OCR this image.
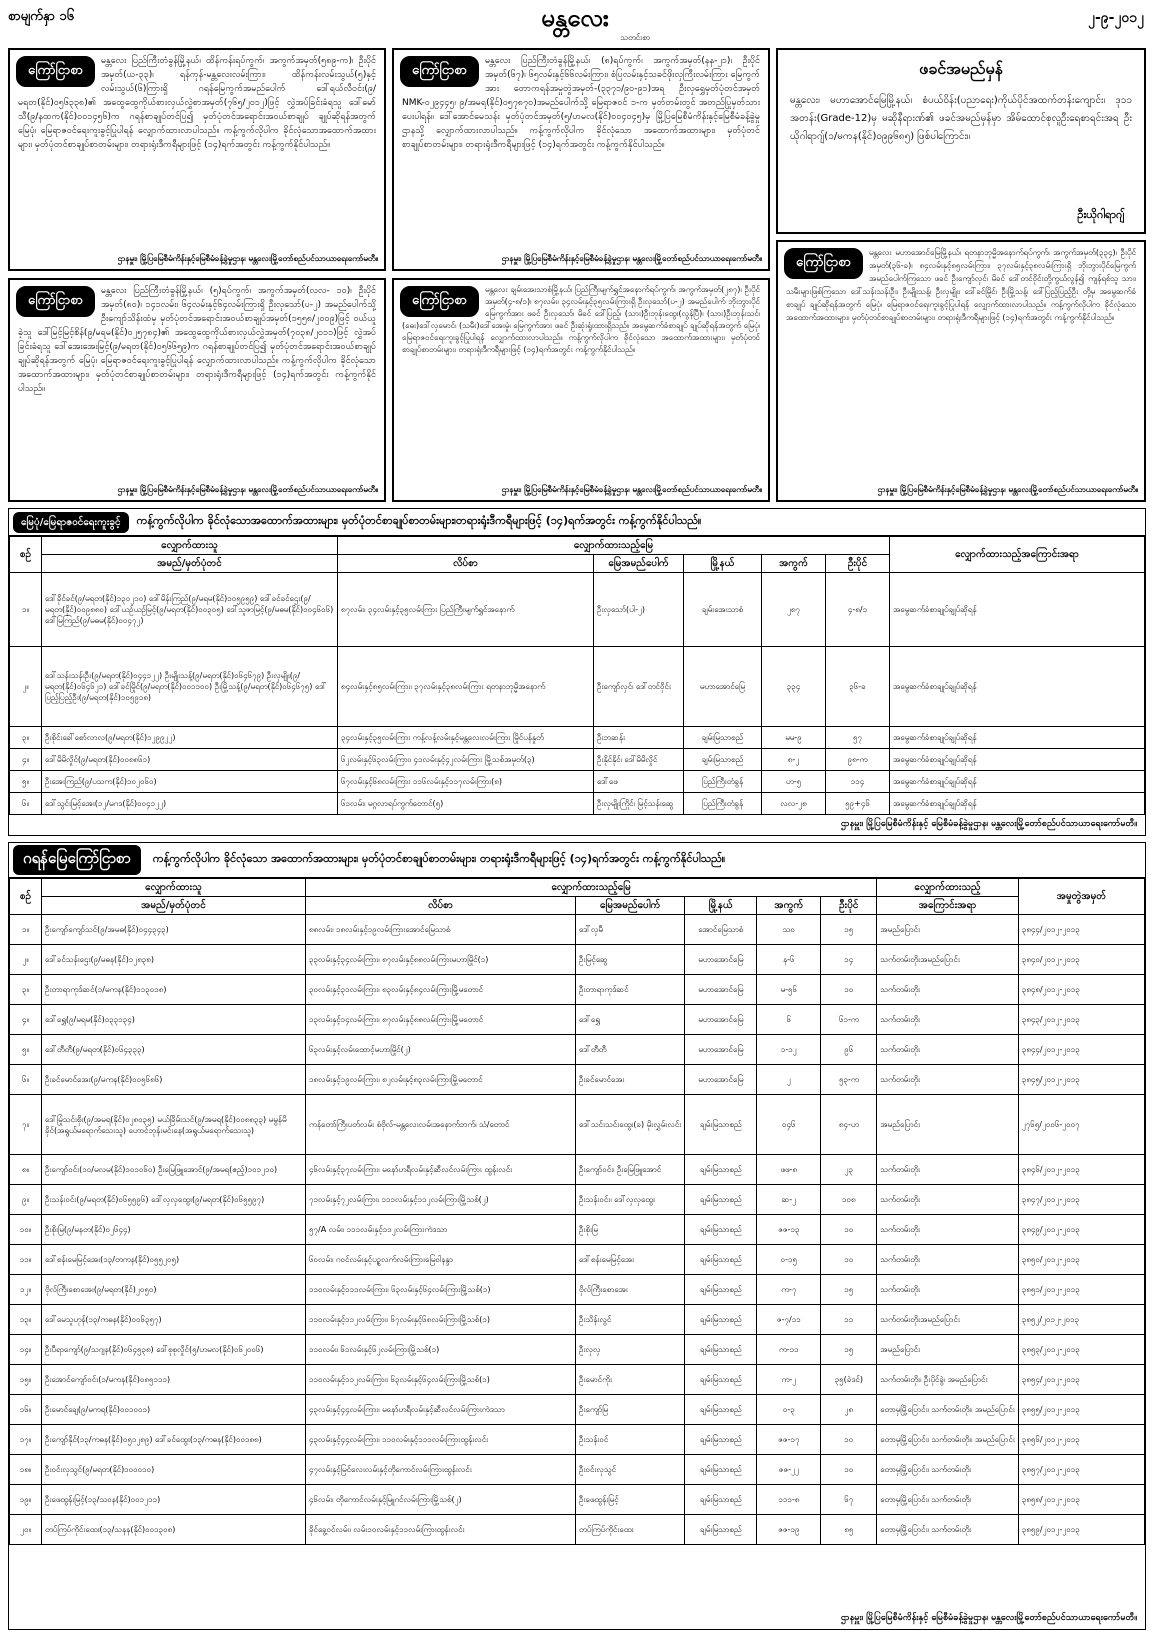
စာမျက်နှာ ၁၆	မန္တလေး
သတင်းစာ
၂-၉-၂၀၁၂
ကြော်ငြာစာ
မန္တလေး ပြည်ကြီးတံခွန်မြို့နယ်၊ ထိန်ကန်းရပ်ကွက်၊ အကွက်အမှတ်(၅၈၉-က)၊ ဦးပိုင်အမှတ်(ယ-၃၃)၊ ရန်ကုန်-မန္တလေးလမ်းကြား၊ ထိန်ကန်းလမ်းသွယ်(၅)နှင့်လမ်းသွယ်(၆)ကြားရှိ ဂရန်မြေကွက်အမည်ပေါက် ဒေါ်ရယ်လီဝင်း(၉/မရတ(နိုင်)၀၅၆၃၃၈)၏ အထွေထွေကိုယ်စားလှယ်လွှဲစာအမှတ်(၇၆၅/၂၀၁၂)ဖြင့် လွှဲအပ်ခြင်းခံရသူ ဒေါ်မော်သီ(၉/နထက(နိုင်)၀၀၁၄၅၆)က ဂရန်စာချုပ်တင်ပြ၍ မှတ်ပုံတင်အရောင်းအဝယ်စာချုပ် ချုပ်ဆိုရန်အတွက် မြေပုံ၊ မြေရာဇဝင်ရေးကူးခွင့်ပြုပါရန် လျှောက်ထားလာပါသည်။ ကန့်ကွက်လိုပါက ခိုင်လုံသောအထောက်အထားများ၊ မှတ်ပုံတင်စာချုပ်စာတမ်းများ၊ တရားရုံးဒီကရီများဖြင့် (၁၄)ရက်အတွင်း ကန့်ကွက်နိုင်ပါသည်။
ဌာနမှူး၊ မြို့ပြမြေစီမံကိန်းနှင့်မြေစီမံခန့်ခွဲမှုဌာန၊ မန္တလေးမြို့တော်စည်ပင်သာယာရေးကော်မတီ။
ကြော်ငြာစာ
မန္တလေး ပြည်ကြီးတံခွန်မြို့နယ်၊ (၈)ရပ်ကွက်၊ အကွက်အမှတ်(နန-၂၁)၊ ဦးပိုင်အမှတ်(၆၇)၊ ၆၅လမ်းနှင့်၆၆လမ်းကြား၊ စံပြလမ်းနှင့်သခင်ဖိုးလှကြီးလမ်းကြား မြေကွက်အား တောကရန်အမှုတွဲအမှတ်-(၃၃၇၁/၉၀-၉၁)အရ ဦးလှရွှေမှတ်ပုံတင်အမှတ် NMK-၀၂၉၄၄၅၊ ၉/အမရ(နိုင်)၀၅၇၈၇၀)အမည်ပေါက်သို့ မြေရာဇဝင် ၁-က မှတ်တမ်းတွင် အတည်ပြုမှတ်သားပေးပါရန်။ ဒေါ်အောင်မေသန်း မှတ်ပုံတင်အမှတ်(၅/ဟမလ(နိုင်)၀၀၄၀၄၅)မှ မြို့ပြမြေစီမံကိန်းနှင့်မြေစီမံခန့်ခွဲမှုဌာနသို့ လျှောက်ထားလာပါသည်။ ကန့်ကွက်လိုပါက ခိုင်လုံသော အထောက်အထားများ၊ မှတ်ပုံတင်စာချုပ်စာတမ်းများ၊ တရားရုံးဒီကရီများဖြင့် (၁၄)ရက်အတွင်း ကန့်ကွက်နိုင်ပါသည်။
ဌာနမှူး၊ မြို့ပြမြေစီမံကိန်းနှင့်မြေစီမံခန့်ခွဲမှုဌာန၊ မန္တလေးမြို့တော်စည်ပင်သာယာရေးကော်မတီ။
ဖခင်အမည်မှန်
မန္တလေး၊ မဟာအောင်မြေမြို့နယ်၊ စံပယ်ဝိန်း(ပညာရေး)ကိုယ်ပိုင်အထက်တန်းကျောင်း၊ ဒု၁၁ အတန်း(Grade-12)မှ မဆိုနီရားဏ်၏ ဖခင်အမည်မှန်မှာ အိမ်ထောင်စုလူဦးရေစာရင်းအရ ဦးယိုဂါရာဂျ်(၁/မကန(နိုင်)၀၉၉၆၈၅) ဖြစ်ပါကြောင်း။
ဦးယိုဂါရာဂျ်
ကြော်ငြာစာ
မန္တလေး ပြည်ကြီးတံခွန်မြို့နယ်၊ (၅)ရပ်ကွက်၊ အကွက်အမှတ်(လလ- ၁၀)၊ ဦးပိုင်အမှတ်(၈၀)၊ ၁၄၁လမ်း၊ ၆၄လမ်းနှင့်၆၄လမ်းကြားရှိ ဦးလှသော်(ပ-၂) အမည်ပေါက်သို့ ဦးကျော်သိန်းထံမှ မှတ်ပုံတင်အရောင်းအဝယ်စာချုပ်အမှတ်(၁၅၅၈/၂၀၀၉)ဖြင့် ဝယ်ယူခဲ့သူ ဒေါ်မြင့်မြင့်စိန်(၉/မရမ(နိုင်)၀၂၅၇၈၄)၏ အထွေထွေကိုယ်စားလှယ်လွှဲအမှတ်(၇၀၃၈/၂၀၁၁)ဖြင့် လွှဲအပ်ခြင်းခံရသူ ဒေါ်အေးအေးမြင့်(၉/မရတ(နိုင်)၀၅၆၆၅၉)က ဂရန်စာချုပ်တင်ပြ၍ မှတ်ပုံတင်အရောင်းအဝယ်စာချုပ် ချုပ်ဆိုရန်အတွက် မြေပုံ၊ မြေရာဇဝင်ရေးကူးခွင့်ပြုပါရန် လျှောက်ထားလာပါသည်။ ကန့်ကွက်လိုပါက ခိုင်လုံသော အထောက်အထားများ၊ မှတ်ပုံတင်စာချုပ်စာတမ်းများ၊ တရားရုံးဒီကရီများဖြင့် (၁၄)ရက်အတွင်း ကန့်ကွက်နိုင်ပါသည်။
ဌာနမှူး၊ မြို့ပြမြေစီမံကိန်းနှင့်မြေစီမံခန့်ခွဲမှုဌာန၊ မန္တလေးမြို့တော်စည်ပင်သာယာရေးကော်မတီ။
ကြော်ငြာစာ
မန္တလေး ချမ်းအေးသာစံမြို့နယ်၊ ပြည်ကြီးမျက်ရွှင်အနောက်ရပ်ကွက်၊ အကွက်အမှတ်(၂၈၇)၊ ဦးပိုင်အမှတ်(၄-၈/၁)၊ ၈၇လမ်း၊ ၃၄လမ်းနှင့်၃၅လမ်းကြားရှိ ဦးလှသော်(ပ-၂) အမည်ပေါက် ဘိုးဘွားပိုင်မြေကွက်အား ဖခင် ဦးလှသော်၊ မိခင် ဒေါ်ပြည့်၊ (သား)ဦးဘုန်းထွေး(လွန်ပြီ)၊ (သား)ဦးဘုန်းသင်၊ (ဓေး)ဒေါ်လှမောင်၊ (သမီး)ဒေါ်အေးမှုံ၊ မြေကွက်အား ဖခင် ဦးဆုံးရှုံးထားရှိသည်။ အမွေဆက်ခံစာချုပ် ချုပ်ဆိုရန်အတွက် မြေပုံ၊ မြေရာဇဝင်ရေးကူးခွင့်ပြုပါရန် လျှောက်ထားလာပါသည်။ ကန့်ကွက်လိုပါက ခိုင်လုံသော အထောက်အထားများ၊ မှတ်ပုံတင်စာချုပ်စာတမ်းများ၊ တရားရုံးဒီကရီများဖြင့် (၁၄)ရက်အတွင်း ကန့်ကွက်နိုင်ပါသည်။
ဌာနမှူး၊ မြို့ပြမြေစီမံကိန်းနှင့်မြေစီမံခန့်ခွဲမှုဌာန၊ မန္တလေးမြို့တော်စည်ပင်သာယာရေးကော်မတီ။
ကြော်ငြာစာ
မန္တလေး မဟာအောင်မြေမြို့နယ်၊ ရတနာဘုမ္မိအနောက်ရပ်ကွက်၊ အကွက်အမှတ်(၃၃၄)၊ ဦးပိုင်အမှတ်(၃၆-ခ)၊ ၈၄လမ်းနှင့်၈၅လမ်းကြား၊ ၃၇လမ်းနှင့်၃၈လမ်းကြားရှိ ဘိုးဘွားပိုင်မြေကွက်အမည်ပေါက်ကြသော ဖခင် ဦးကျော်လှင်၊ မိခင် ဒေါ်တင်ဝိုင်းတို့ကွယ်လွန်၍ ကျန်ရစ်သူ သား၊ သမီးများဖြစ်ကြသော ဒေါ်သန်းသန်းဦး၊ ဦးမျိုးသန့်၊ ဦးလှမျိုး၊ ဒေါ်ခင်မြိုင်၊ ဦးမြို့သန့်၊ ဒေါ်ပြည့်ပြည့်ဦး တို့မှ အမွေဆက်ခံစာချုပ် ချုပ်ဆိုရန်အတွက် မြေပုံ၊ မြေရာဇဝင်ရေးကူးခွင့်ပြုပါရန် လျှောက်ထားလာပါသည်။ ကန့်ကွက်လိုပါက ခိုင်လုံသော အထောက်အထားများ၊ မှတ်ပုံတင်စာချုပ်စာတမ်းများ၊ တရားရုံးဒီကရီများဖြင့် (၁၄)ရက်အတွင်း ကန့်ကွက်နိုင်ပါသည်။
ဌာနမှူး၊ မြို့ပြမြေစီမံကိန်းနှင့်မြေစီမံခန့်ခွဲမှုဌာန၊ မန္တလေးမြို့တော်စည်ပင်သာယာရေးကော်မတီ။
မြေပုံ/မြေရာဇဝင်ရေးကူးခွင့်	ကန့်ကွက်လိုပါက ခိုင်လုံသောအထောက်အထားများ၊ မှတ်ပုံတင်စာချုပ်စာတမ်းများ၊တရားရုံးဒီကရီများဖြင့် (၁၄)ရက်အတွင်း ကန့်ကွက်နိုင်ပါသည်။
စဉ်	လျှောက်ထားသူ	လျှောက်ထားသည့်မြေ					လျှောက်ထားသည့်အကြောင်းအရာ
	အမည်/မှတ်ပုံတင်	လိပ်စာ	မြေအမည်ပေါက်	မြို့နယ်	အကွက်	ဦးပိုင်	
၁။	ဒေါ်ခိုင်ခင်(၉/မရတ(နိုင်)၁၃၀၂၁၀) ဒေါ်မိန်းကြည်(၉/မရမ(နိုင်)၁၀၅၉၅၉) ဒေါ်ခင်ခင်ဌေး(၉/မရတ(နိုင်)၀၀၉၈၈၀) ဒေါ်ယဉ်ယဉ်မြင့်(၉/မရတ(နိုင်)၀၀၃၀၅) ဒေါ်သူဇာမြင့်(၉/မဓမ(နိုင်)၀၀၄၆၀၆) ဒေါ်မြကြည်(၉/မဓမ(နိုင်)၀၀၄၇၂)	၈၇လမ်း၊ ၃၄လမ်းနှင့်၃၅လမ်းကြား ပြည်ကြီးမျက်ရွှင်အနောက်	ဦးလှသော်(ပါ-၂)	ချမ်းအေးသာစံ	၂၈၇	၄-၈/၁	အမွေဆက်ခံစာချုပ်ချုပ်ဆိုရန်
၂။	ဒေါ်သန်းသန်းဦး(၉/မရတ(နိုင်)၀၄၄၁၂၂) ဦးမျိုးသန့်(၉/မရတ(နိုင်)၀၆၄၆၇၉) ဦးလှမျိုး(၉/မရတ(နိုင်)၀၆၄၆၂၁) ဒေါ်ခင်မြိုင်(၉/မရတ(နိုင်)၀၀၁၁၀၀) ဦးမြို့သန့်(၉/မရတ(နိုင်)၀၆၄၆၇၅) ဒေါ်ပြည့်ပြည့်ဦး(၉/မရတ(နိုင်)၁၀၅၉၁၈)	၈၄လမ်းနှင့်၈၅လမ်းကြား၊ ၃၇လမ်းနှင့်၃၈လမ်းကြား ရတနာဘုမ္မိအနောက်	ဦးကျော်လှင်၊ ဒေါ်တင်ဝိုင်း	မဟာအောင်မြေ	၃၃၄	၃၆-ခ	အမွေဆက်ခံစာချုပ်ချုပ်ဆိုရန်
၃။	ဦးစိုင်းခေါ်စော်လာလ(၉/မရတ(နိုင်)၁၂၉၉၂၂)	၃၄လမ်းနှင့်၃၅လမ်းကြား ကန့်လန့်လမ်းနှင့်မန္တလေးလမ်းကြား မြိုင်ပန်နှုတ်	ဦးဘဆန်း	ချမ်းမြသာစည်	မမ-၉	၅၇	အမွေဆက်ခံစာချုပ်ချုပ်ဆိုရန်
၄။	ဒေါ်မိမိလှိုင်(၉/မရတ(နိုင်)၀၀၈၈၆၁)	၆၂လမ်းနှင့်၆၃လမ်းကြား၊ ၄၁လမ်းနှင့်၄၂လမ်းကြား မြို့သစ်အမှတ်(၃)	ဦးနိုင်နိုင်၊ ဒေါ်မိမိလှိုင်	ချမ်းမြသာစည်	၈-၂	၉၈-က	အမွေဆက်ခံစာချုပ်ချုပ်ဆိုရန်
၅။	ဦးအေးကြည်(၉/ပသက(နိုင်)၁၀၂၀၆၀)	၆၇လမ်းနှင့်၆၈လမ်းကြား ၁၁၆လမ်းနှင့်၁၁၇လမ်းကြား(၈)	ဒေါ်ဖေ	ပြည်ကြီးတံခွန်	ဟ-၅	၁၁၄	အမွေဆက်ခံစာချုပ်ချုပ်ဆိုရန်
၆။	ဒေါ်သွင်းမြင့်အေး(၁၂/မဂဒ(နိုင်)၀၀၄၁၂၂)	၆၁လမ်း၊ မဂ္ဂလာရပ်ကွက်တောင်(၅)	ဦးလှမျိုးကြိုင်၊ မြင့်သန်းဆွေ	ပြည်ကြီးတံခွန်	လလ-၂၈	၅၉+၄၆	အမွေဆက်ခံစာချုပ်ချုပ်ဆိုရန်
ဌာနမှူး၊ မြို့ပြမြေစီမံကိန်းနှင့် မြေစီမံခန့်ခွဲမှုဌာန၊ မန္တလေးမြို့တော်စည်ပင်သာယာရေးကော်မတီ။
ဂရန်မြေကြော်ငြာစာ	ကန့်ကွက်လိုပါက ခိုင်လုံသော အထောက်အထားများ၊ မှတ်ပုံတင်စာချုပ်စာတမ်းများ၊ တရားရုံးဒီကရီများဖြင့် (၁၄)ရက်အတွင်း ကန့်ကွက်နိုင်ပါသည်။
စဉ်	လျှောက်ထားသူ	လျှောက်ထားသည့်မြေ					လျှောက်ထားသည့်	အမှုတွဲအမှတ်
	အမည်/မှတ်ပုံတင်	လိပ်စာ	မြေအမည်ပေါက်	မြို့နယ်	အကွက်	ဦးပိုင်	အကြောင်းအရာ	
၁။	ဦးကျော်ကျော်သင်(၉/အမဓ(နိုင်)၀၄၄၃၄၃)	၈၈လမ်း၊ ၁၈လမ်းနှင့်၁၉လမ်းကြားအောင်မြေသာစံ	ဒေါ်လှမီ	အောင်မြေသာစံ	သဝ	၁၅	အမည်ပြောင်း	၃၈၄၄/၂၀၁၂-၂၀၁၃
၂။	ဒေါ်ခင်သန်းဌေး(၉/မဓန(နိုင်)၁၂၈၃၈)	၃၃လမ်းနှင့်၃၄လမ်းကြား၊ ၈၇လမ်းနှင့်၈၈လမ်းကြားမဟာမြိုင်(၁)	ဦးမြင့်ဆွေ	မဟာအောင်မြေ	န-၆	၁၄	သက်တမ်းတိုးအမည်ပြောင်း	၃၈၄၀/၂၀၁၂-၂၀၁၃
၃။	ဦးတာရာကုဒ်ဆင်(၁/မကန(နိုင်)၁၁၃၀၁၈)	၃၀လမ်းနှင့်၃၁လမ်းကြား၊ ၈၃လမ်းနှင့်၈၄လမ်းကြားမြို့မတောင်	ဦးတာရာကုဒ်ဆင်	မဟာအောင်မြေ	မ-၅၆	၁၀	သက်တမ်းတိုး	၃၈၄၈/၂၀၁၂-၂၀၁၃
၄။	ဒေါ်ရွှေ(၉/မရမ(နိုင်)၀၃၃၁၃၄)	၁၃လမ်းနှင့်၁၄လမ်းကြား၊ ၈၇လမ်းနှင့်၈၈လမ်းကြားမြို့မတောင်	ဒေါ်ရွှေ	မဟာအောင်မြေ	၆	၆၁-က	သက်တမ်းတိုး	၃၈၄၃/၂၀၁၂-၂၀၁၃
၅။	ဒေါ်တီတီ(၉/မရတ(နိုင်)၀၆၄၃၃၃)	၆၃လမ်းနှင့်လမ်းထောင့်မဟာမြိုင်(၂)	ဒေါ်တီတီ	မဟာအောင်မြေ	၁-၁၂	၉၆	သက်တမ်းတိုး	၃၈၄၄/၂၀၁၂-၂၀၁၃
၆။	ဦးခင်မောင်အေး(၉/မကန(နိုင်)၀၀၅၆၈၆)	၁၈လမ်းနှင့်၁၉လမ်းကြား၊ ၈၂လမ်းနှင့်၈၃လမ်းကြားမြို့မတောင်	ဦးခင်မောင်အေး	မဟာအောင်မြေ	၂	၅၃-က	သက်တမ်းတိုး	၃၈၄၅/၂၀၁၂-၂၀၁၃
၇။	ဒေါ်မြုံသင်းစိုး(၉/အမရ(နိုင်)၀၂၈၀၃၅) မယ်ခြိမ်းသင်(၉/အမရ(နိုင်)၀၀၈၈၃၃) မမွန်မိခိုင်(အရွယ်မရောက်သေးသူ) ဟောင်ဘုန်းမင်းနေ(အရွယ်မရောက်သေးသူ)	ကန်တော်ကြီးပတ်လမ်း စံဗိုလ်-မန္တလေးလမ်းအနောက်ဘက်၊ သံ/တောင်	ဒေါ်သင်းသင်းထွေး(ခ) မိုးလွှမ်းလင်း	ချမ်းမြသာစည်	ဝ၄၆	၈၄-ဟ	အမည်ပြောင်း	၂၇၆၅/၂၀၀၆-၂၀၀၇
၈။	ဦးကျော်ဝင်း(၁၀/မလမ(နိုင်)၁၀၁၀၆၀) ဦးမြေဖြူအောင်(၉/အမရ(ဧည့်)၁၀၁၂၁၀)	၄၆လမ်းနှင့်၃၇လမ်းကြား၊ မနော်ဟရီလမ်းနှင့်ဆီလင်လမ်းကြား ထွန်းလင်း	ဦးကျော်ဝင်း၊ ဦးမြေဖြူအောင်	ချမ်းမြသာစည်	ဖဖ-၈	၂၃	သက်တမ်းတိုး	၃၈၄၆/၂၀၁၂-၂၀၁၃
၉။	ဦးသန်းဝင်း(၉/မရတ(နိုင်)၀၆၅၅၉၆) ဒေါ်လှလှထွေး(၉/မရတ(နိုင်)၀၆၅၅၉၇)	၇၁လမ်းနှင့်၇၂လမ်းကြား၊ ၁၁၁လမ်းနှင့်၁၁၂လမ်းကြားမြို့သစ်(၂)	ဦးသန်းဝင်း၊ ဒေါ်လှလှထွေး	ချမ်းမြသာစည်	ဆ-၂	၁၀၈	သက်တမ်းတိုး	၃၈၄၇/၂၀၁၂-၂၀၁၃
၁၀။	ဦးစိုးမြ(၉/မနတ(နိုင်)၀၂၆၄၄)	၅၇/A လမ်း၊ ၁၁၁လမ်းနှင့်၁၁၂လမ်းကြားကဲဒသာ	ဦးစိုးမြ	ချမ်းမြသာစည်	ဇဇ-၁၃	၁၀	သက်တမ်းတိုး	၃၈၄၉/၂၀၁၂-၂၀၁၃
၁၁။	ဒေါ်စန်းမေမြင့်အေး(၁၃/တကန(နိုင်)၀၅၅၂၀၅)	၆၀လမ်း၊ ဂဝင်လမ်းနှင့်ပဉ္စလက်လမ်းကြားမြေဝါနန္ဒာ	ဒေါ်စန်းမေမြင့်အေး	ချမ်းမြသာစည်	ဝ-၁၅	၁၀	သက်တမ်းတိုး	၃၈၅၀/၂၀၁၂-၂၀၁၃
၁၂။	ဗိုလ်ကြီးစောအေး(၉/မရတ(နိုင်)၂၀၅၀)	၁၁၀လမ်းနှင့်၁၁၁လမ်းကြား၊ ၆၃လမ်းနှင့်၆၄လမ်းကြားမြို့သစ်(၁)	ဗိုလ်ကြီးစောအေး	ချမ်းမြသာစည်	က-၇	၁၅	သက်တမ်းတိုး	၃၈၅၁/၂၀၁၂-၂၀၁၃
၁၃။	ဒေါ်မေသူဟုန်(၁၃/ကဓန(နိုင်)၀၀၆၃၅၇)	၁၁၀လမ်းနှင့်၁၁၂လမ်းကြား၊ ၆၇လမ်းနှင့်၆၈လမ်းကြားမြို့သစ်(၁)	ဦးသိန်းလွင်	ချမ်းမြသာစည်	ဇ-၇/၁၁	၁၁	သက်တမ်းတိုးအမည်ပြောင်း	၃၈၅၂/၂၀၁၂-၂၀၁၃
၁၄။	ဦးပီရာကျော်(၉/သဂျန(နိုင်)၀၆၄၅၃၈) ဒေါ်စုစုလှိုင်(၅/ဟမလ(နိုင်)၀၆၂၀၀၆)	၁၁၀လမ်း၊ ၆၁လမ်းနှင့်၆၂လမ်းကြားမြို့သစ်(၁)	ဦးလှလှ	ချမ်းမြသာစည်	က-၁၁	၁၅	အမည်ပြောင်း	၃၈၅၃/၂၀၁၂-၂၀၁၃
၁၅။	ဦးအောင်ကျော်ဝင်း(၁/မကန(နိုင်)၀၈၅၁၁၁)	၁၁၀လမ်းနှင့်၁၁၂လမ်းကြား၊ ၆၃လမ်းနှင့်၆၄လမ်းကြားမြို့သစ်(၁)	ဦးမောင်ကိုး	ချမ်းမြသာစည်	က-၂	၃၅(ခဲဒင်)	သက်တမ်းတိုး၊ ဦးပိုင်ခွဲ၊ အမည်ပြောင်း	၃၈၅၄/၂၀၁၂-၂၀၁၃
၁၆။	ဦးမောင်ချေ(၉/မကရ(နိုင်)၀၀၁၀၀၁)	၄၃လမ်းနှင့်၄၄လမ်းကြား၊ မနော်ဟရီလမ်းနှင့်ဆီလင်လမ်းကြားကဲဒသာ	ဦးကျော်မြ	ချမ်းမြသာစည်	ဝ-၃	၂၈	တောမှမြို့ပြောင်း၊ သက်တမ်းတိုး၊ အမည်ပြောင်း	၃၈၅၅/၂၀၁၂-၂၀၁၃
၁၇။	ဦးကျော်နိုင်(၁၃/ကဓန(နိုင်)၀၅၁၂၈၉) ဒေါ်ခင်ထွေး(၁၃/ကဓန(နိုင်)၀၀၁၈၈)	၄၃လမ်းနှင့်၄၄လမ်းကြား၊ ၁၁၀လမ်းနှင့်၁၁၁လမ်းကြားထွန်းလင်း	ဦးသန်းဝင်	ချမ်းမြသာစည်	ဇဇ-၁၇	၁၀	တောမှမြို့ပြောင်း၊ သက်တမ်းတိုး၊ အမည်ပြောင်း	၃၈၅၆/၂၀၁၂-၂၀၁၃
၁၈။	ဦးဝင်းလှသွင်(၉/မရတ(နိုင်)၁၀၀၀၁၀)	၄၇လမ်းနှင့်မြင်လေးလမ်းနှင့်တိုကောင်လမ်းကြားထွန်းလင်း	ဦးဝင်းလှသွင်	ချမ်းမြသာစည်	ဇဇ-၂၂	၁၀	တောမှမြို့ပြောင်း၊ သက်တမ်းတိုး	၃၈၅၇/၂၀၁၂-၂၀၁၃
၁၉။	ဦးဖေထွန်းမြင့်(၁၃/သဝန(နိုင်)၀၀၁၂၁၁)	၄၆လမ်း၊ တိုကောင်လမ်းနှင့်မြူဂင်လမ်းကြားမြို့သစ်(၂)	ဦးဖေထွန်းမြင့်	ချမ်းမြသာစည်	၁၁၁-၈	၆၇	တောမှမြို့ပြောင်း၊ သက်တမ်းတိုး	၃၈၅၈/၂၀၁၂-၂၀၁၃
၂၀။	တပ်ကြပ်ကိုင်းထေး(၁၃/သနန(နိုင်)၀၀၁၃၀၈)	ခိုင်ခွေ့ဝင်လမ်း၊ လမ်း၁၀လမ်းနှင့်၁၁လမ်းကြားထွန်းလင်း	တပ်ကြပ်ကိုင်းထေး	ချမ်းမြသာစည်	ဇဇ-၁၉	၈၅	တောမှမြို့ပြောင်း၊ သက်တမ်းတိုး	၃၈၅၉/၂၀၁၂-၂၀၁၃
ဌာနမှူး၊ မြို့ပြမြေစီမံကိန်းနှင့် မြေစီမံခန့်ခွဲမှုဌာန၊ မန္တလေးမြို့တော်စည်ပင်သာယာရေးကော်မတီ။
